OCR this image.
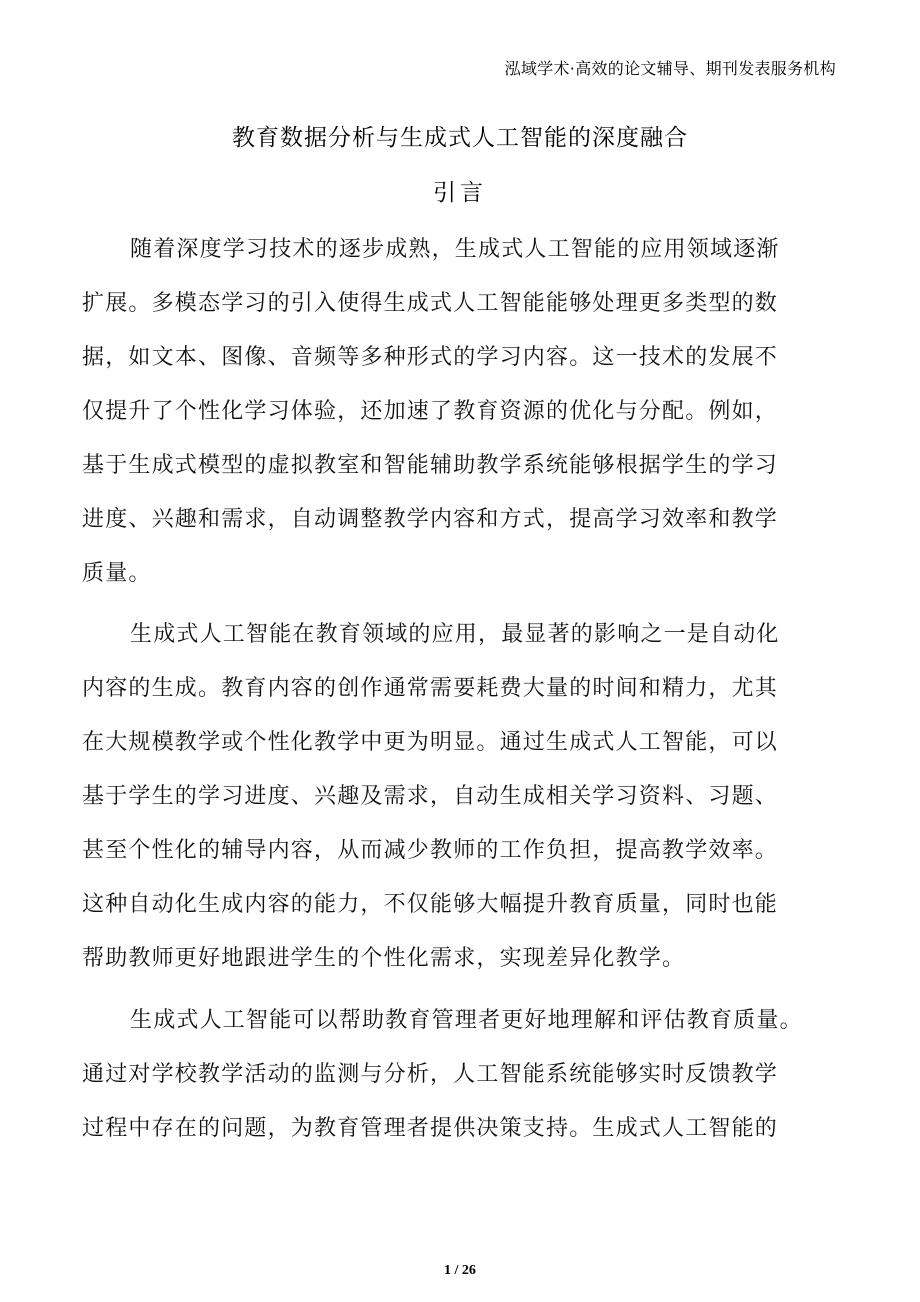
泓域学术·高效的论文辅导、期刊发表服务机构
教育数据分析与生成式人工智能的深度融合
引言
随着深度学习技术的逐步成熟，生成式人工智能的应用领域逐渐
扩展。多模态学习的引入使得生成式人工智能能够处理更多类型的数
据，如文本、图像、音频等多种形式的学习内容。这一技术的发展不
仅提升了个性化学习体验，还加速了教育资源的优化与分配。例如，
基于生成式模型的虚拟教室和智能辅助教学系统能够根据学生的学习
进度、兴趣和需求，自动调整教学内容和方式，提高学习效率和教学
质量。
生成式人工智能在教育领域的应用，最显著的影响之一是自动化
内容的生成。教育内容的创作通常需要耗费大量的时间和精力，尤其
在大规模教学或个性化教学中更为明显。通过生成式人工智能，可以
基于学生的学习进度、兴趣及需求，自动生成相关学习资料、习题、
甚至个性化的辅导内容，从而减少教师的工作负担，提高教学效率。
这种自动化生成内容的能力，不仅能够大幅提升教育质量，同时也能
帮助教师更好地跟进学生的个性化需求，实现差异化教学。
生成式人工智能可以帮助教育管理者更好地理解和评估教育质量。
通过对学校教学活动的监测与分析，人工智能系统能够实时反馈教学
过程中存在的问题，为教育管理者提供决策支持。生成式人工智能的
1 / 26
